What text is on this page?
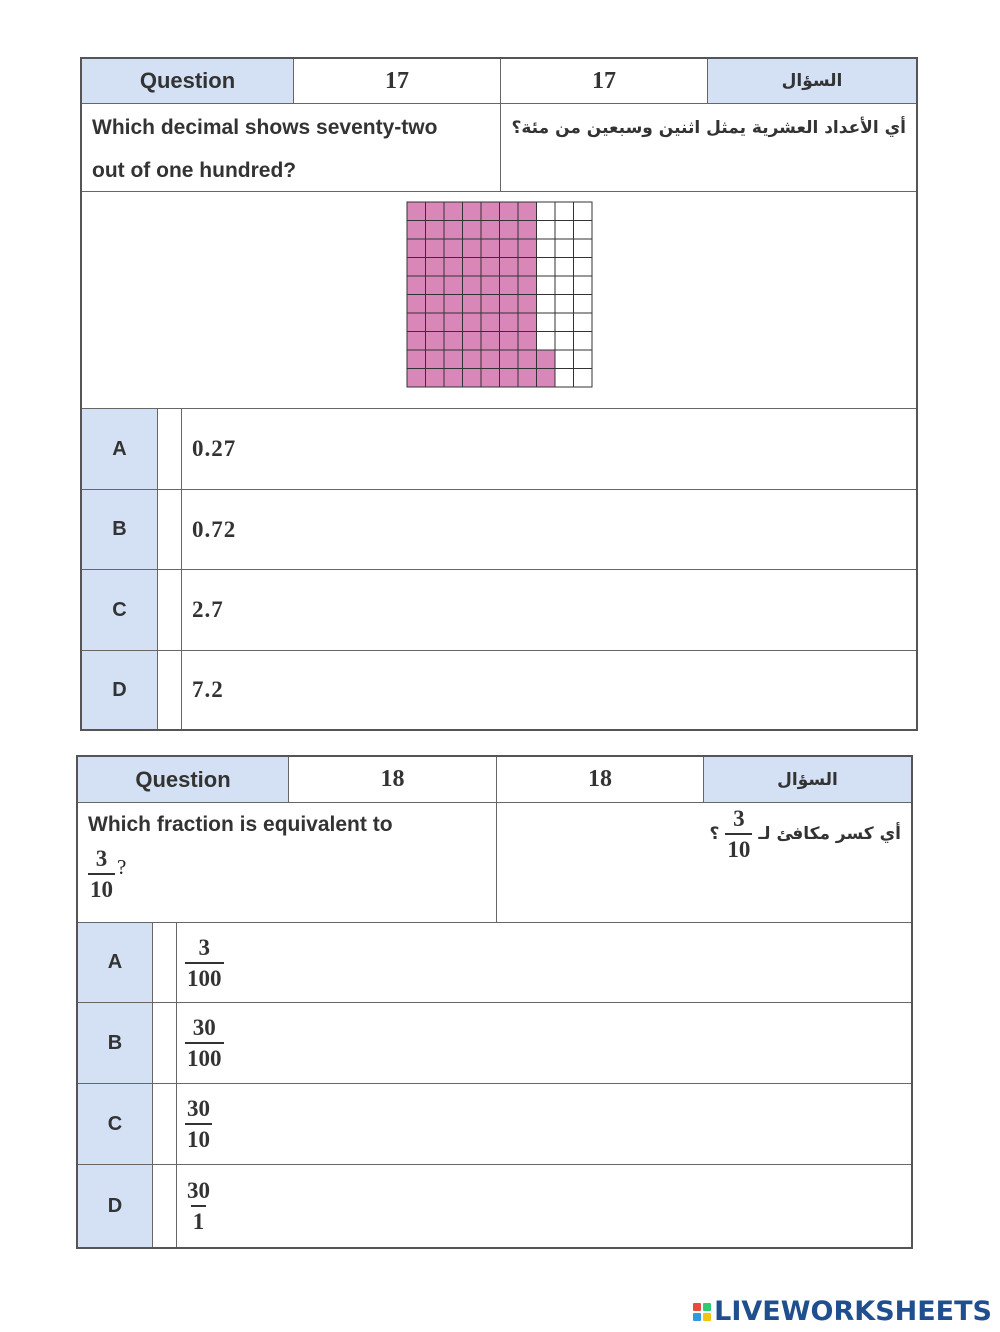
Question	17	17	السؤال
Which decimal shows seventy-two
out of one hundred?
أي الأعداد العشرية يمثل اثنين وسبعين من مئة؟
A	0.27
B	0.72
C	2.7
D	7.2
Question	18	18	السؤال
Which fraction is equivalent to
$\frac{3}{10}$ ?
أي كسر مكافئ لـ
$\frac{3}{10}$
؟
A	$\frac{3}{100}$
B	$\frac{30}{100}$
C	$\frac{30}{10}$
D	$\frac{30}{1}$
LIVEWORKSHEETS
